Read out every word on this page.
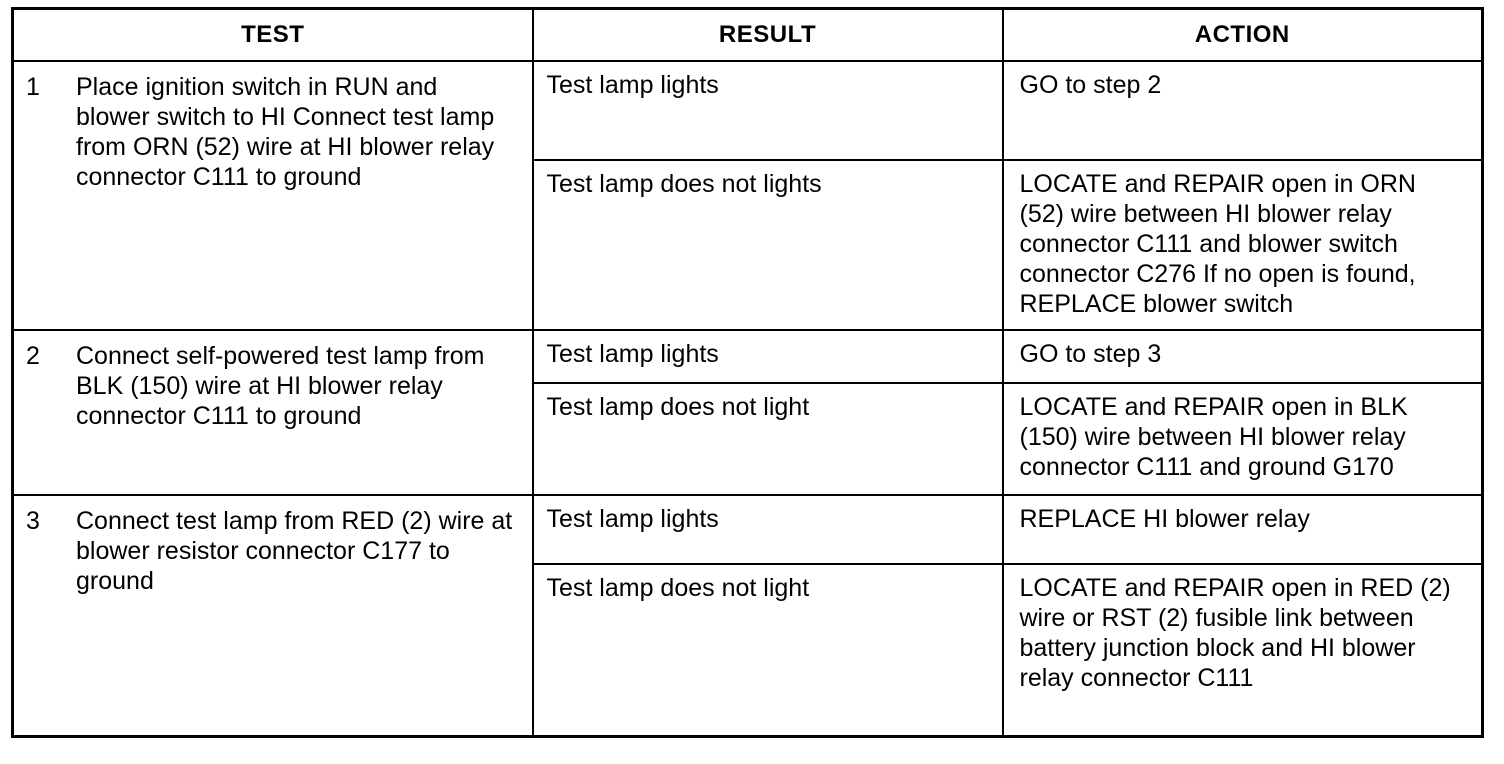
TEST	RESULT	ACTION

1 Place ignition switch in RUN and blower switch to HI Connect test lamp from ORN (52) wire at HI blower relay connector C111 to ground	Test lamp lights	GO to step 2

	Test lamp does not lights	LOCATE and REPAIR open in ORN (52) wire between HI blower relay connector C111 and blower switch connector C276 If no open is found, REPLACE blower switch

2 Connect self-powered test lamp from BLK (150) wire at HI blower relay connector C111 to ground	Test lamp lights	GO to step 3

	Test lamp does not light	LOCATE and REPAIR open in BLK (150) wire between HI blower relay connector C111 and ground G170

3 Connect test lamp from RED (2) wire at blower resistor connector C177 to ground	Test lamp lights	REPLACE HI blower relay

	Test lamp does not light	LOCATE and REPAIR open in RED (2) wire or RST (2) fusible link between battery junction block and HI blower relay connector C111
